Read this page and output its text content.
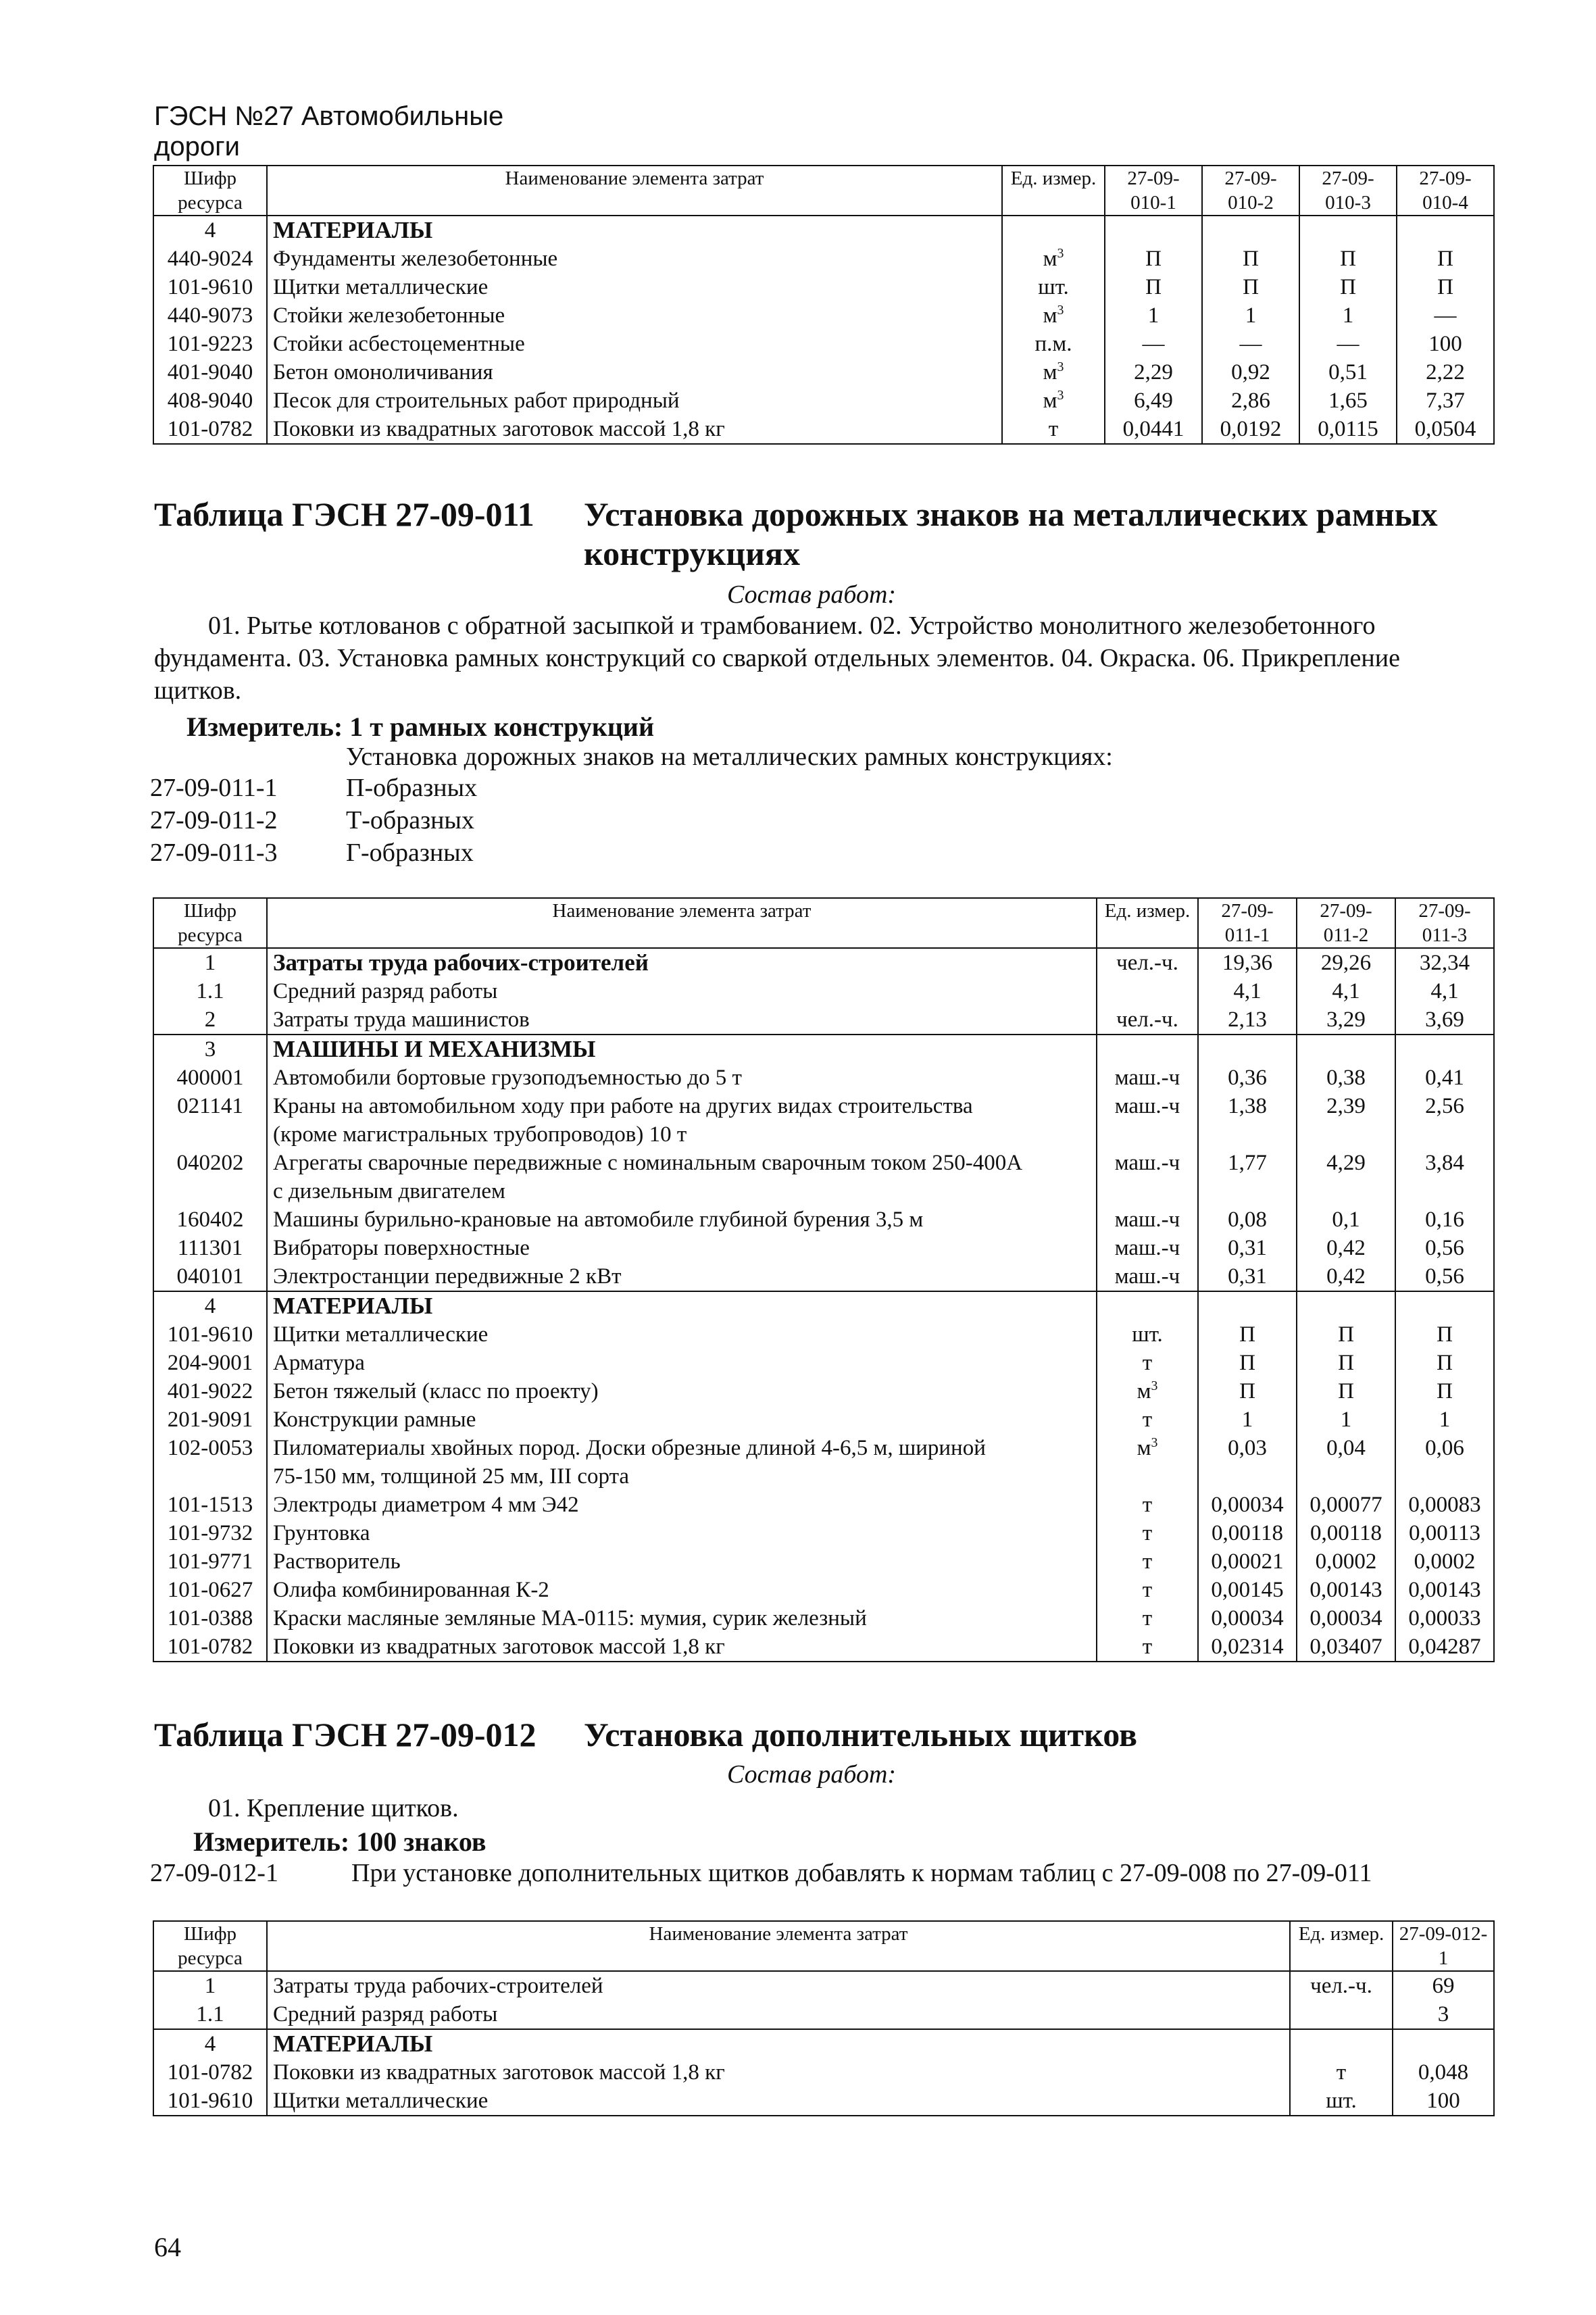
ГЭСН №27 Автомобильные дороги
Шифр ресурса	Наименование элемента затрат	Ед. измер.	27-09-010-1	27-09-010-2	27-09-010-3	27-09-010-4
4	МАТЕРИАЛЫ					
440-9024	Фундаменты железобетонные	$м^3$	П	П	П	П
101-9610	Щитки металлические	шт.	П	П	П	П
440-9073	Стойки железобетонные	$м^3$	1	1	1	—
101-9223	Стойки асбестоцементные	п.м.	—	—	—	100
401-9040	Бетон омоноличивания	$м^3$	2,29	0,92	0,51	2,22
408-9040	Песок для строительных работ природный	$м^3$	6,49	2,86	1,65	7,37
101-0782	Поковки из квадратных заготовок массой 1,8 кг	т	0,0441	0,0192	0,0115	0,0504
Таблица ГЭСН 27-09-011 Установка дорожных знаков на металлических рамных
конструкциях
Состав работ:
01. Рытье котлованов с обратной засыпкой и трамбованием. 02. Устройство монолитного железобетонного
фундамента. 03. Установка рамных конструкций со сваркой отдельных элементов. 04. Окраска. 06. Прикрепление
щитков.
Измеритель: 1 т рамных конструкций
Установка дорожных знаков на металлических рамных конструкциях:
27-09-011-1	П-образных
27-09-011-2	Т-образных
27-09-011-3	Г-образных
Шифр ресурса	Наименование элемента затрат	Ед. измер.	27-09-011-1	27-09-011-2	27-09-011-3
1	Затраты труда рабочих-строителей	чел.-ч.	19,36	29,26	32,34
1.1	Средний разряд работы		4,1	4,1	4,1
2	Затраты труда машинистов	чел.-ч.	2,13	3,29	3,69
3	МАШИНЫ И МЕХАНИЗМЫ				

400001	Автомобили бортовые грузоподъемностью до 5 т	маш.-ч	0,36	0,38	0,41
021141	Краны на автомобильном ходу при работе на других видах строительства
(кроме магистральных трубопроводов) 10 т	маш.-ч	1,38	2,39	2,56
040202	Агрегаты сварочные передвижные с номинальным сварочным током 250-400А
с дизельным двигателем	маш.-ч	1,77	4,29	3,84
160402	Машины бурильно-крановые на автомобиле глубиной бурения 3,5 м	маш.-ч	0,08	0,1	0,16
111301	Вибраторы поверхностные	маш.-ч	0,31	0,42	0,56
040101	Электростанции передвижные 2 кВт	маш.-ч	0,31	0,42	0,56
4	МАТЕРИАЛЫ				

101-9610	Щитки металлические	шт.	П	П	П
204-9001	Арматура	т	П	П	П
401-9022	Бетон тяжелый (класс по проекту)	$м^3$	П	П	П
201-9091	Конструкции рамные	т	1	1	1
102-0053	Пиломатериалы хвойных пород. Доски обрезные длиной 4-6,5 м, шириной
75-150 мм, толщиной 25 мм, III сорта	$м^3$	0,03	0,04	0,06
101-1513	Электроды диаметром 4 мм Э42	т	0,00034	0,00077	0,00083
101-9732	Грунтовка	т	0,00118	0,00118	0,00113
101-9771	Растворитель	т	0,00021	0,0002	0,0002
101-0627	Олифа комбинированная К-2	т	0,00145	0,00143	0,00143
101-0388	Краски масляные земляные МА-0115: мумия, сурик железный	т	0,00034	0,00034	0,00033
101-0782	Поковки из квадратных заготовок массой 1,8 кг	т	0,02314	0,03407	0,04287
Таблица ГЭСН 27-09-012 Установка дополнительных щитков
Состав работ:
01. Крепление щитков.
Измеритель: 100 знаков
27-09-012-1	При установке дополнительных щитков добавлять к нормам таблиц с 27-09-008 по 27-09-011
Шифр ресурса	Наименование элемента затрат	Ед. измер.	27-09-012-1
1	Затраты труда рабочих-строителей	чел.-ч.	69
1.1	Средний разряд работы		3
4	МАТЕРИАЛЫ		

101-0782	Поковки из квадратных заготовок массой 1,8 кг	т	0,048
101-9610	Щитки металлические	шт.	100
64
